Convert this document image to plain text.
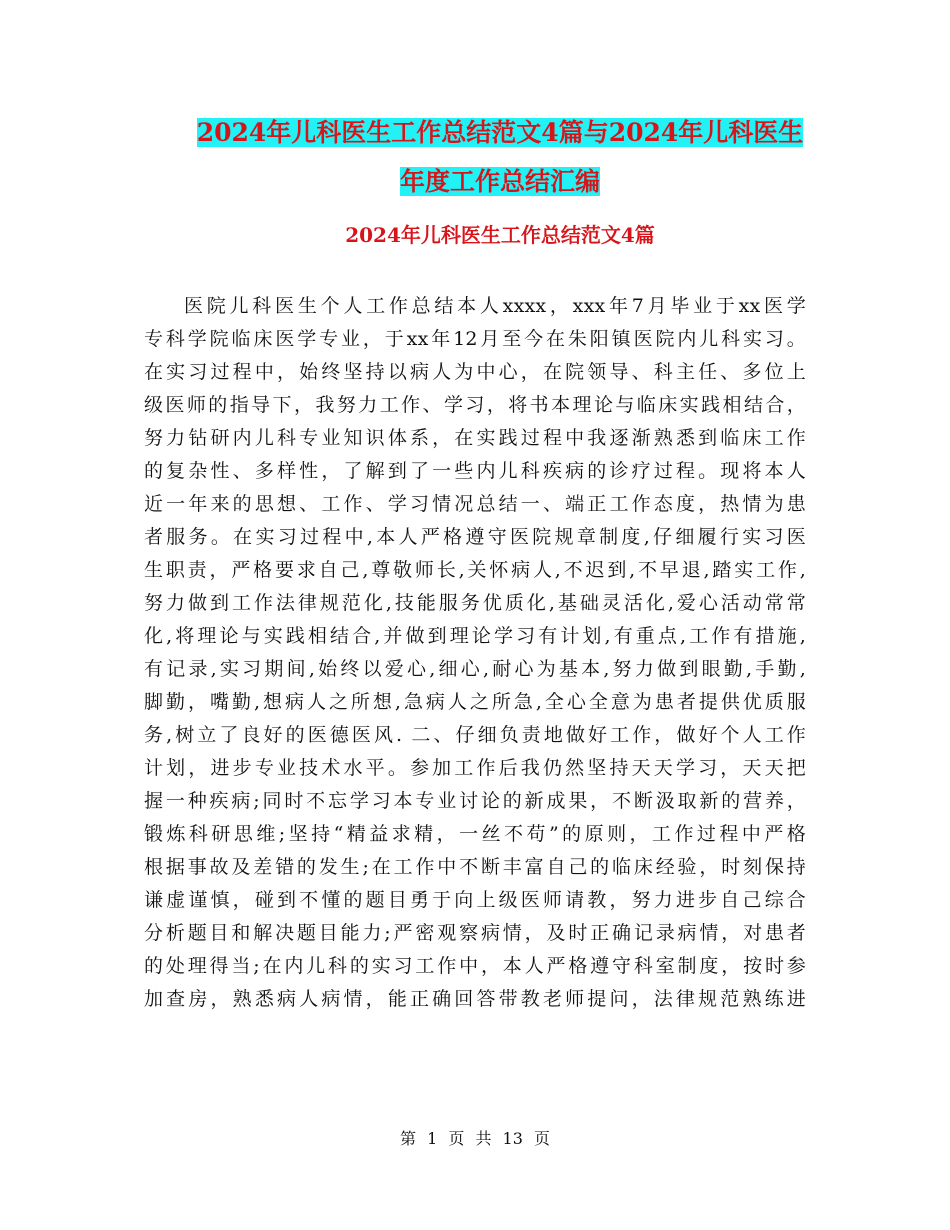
2024年儿科医生工作总结范文4篇与2024年儿科医生
年度工作总结汇编
2024年儿科医生工作总结范文4篇
医院儿科医生个人工作总结本人xxxx，xxx年7月毕业于xx医学
专科学院临床医学专业，于xx年12月至今在朱阳镇医院内儿科实习。
在实习过程中，始终坚持以病人为中心，在院领导、科主任、多位上
级医师的指导下，我努力工作、学习，将书本理论与临床实践相结合，
努力钻研内儿科专业知识体系，在实践过程中我逐渐熟悉到临床工作
的复杂性、多样性，了解到了一些内儿科疾病的诊疗过程。现将本人
近一年来的思想、工作、学习情况总结一、端正工作态度，热情为患
者服务。在实习过程中,本人严格遵守医院规章制度,仔细履行实习医
生职责，严格要求自己,尊敬师长,关怀病人,不迟到,不早退,踏实工作,
努力做到工作法律规范化,技能服务优质化,基础灵活化,爱心活动常常
化,将理论与实践相结合,并做到理论学习有计划,有重点,工作有措施,
有记录,实习期间,始终以爱心,细心,耐心为基本,努力做到眼勤,手勤,
脚勤，嘴勤,想病人之所想,急病人之所急,全心全意为患者提供优质服
务,树立了良好的医德医风. 二、仔细负责地做好工作，做好个人工作
计划，进步专业技术水平。参加工作后我仍然坚持天天学习，天天把
握一种疾病;同时不忘学习本专业讨论的新成果，不断汲取新的营养，
锻炼科研思维;坚持“精益求精，一丝不苟”的原则，工作过程中严格
根据事故及差错的发生;在工作中不断丰富自己的临床经验，时刻保持
谦虚谨慎，碰到不懂的题目勇于向上级医师请教，努力进步自己综合
分析题目和解决题目能力;严密观察病情，及时正确记录病情，对患者
的处理得当;在内儿科的实习工作中，本人严格遵守科室制度，按时参
加查房，熟悉病人病情，能正确回答带教老师提问，法律规范熟练进
第 1 页 共 13 页
